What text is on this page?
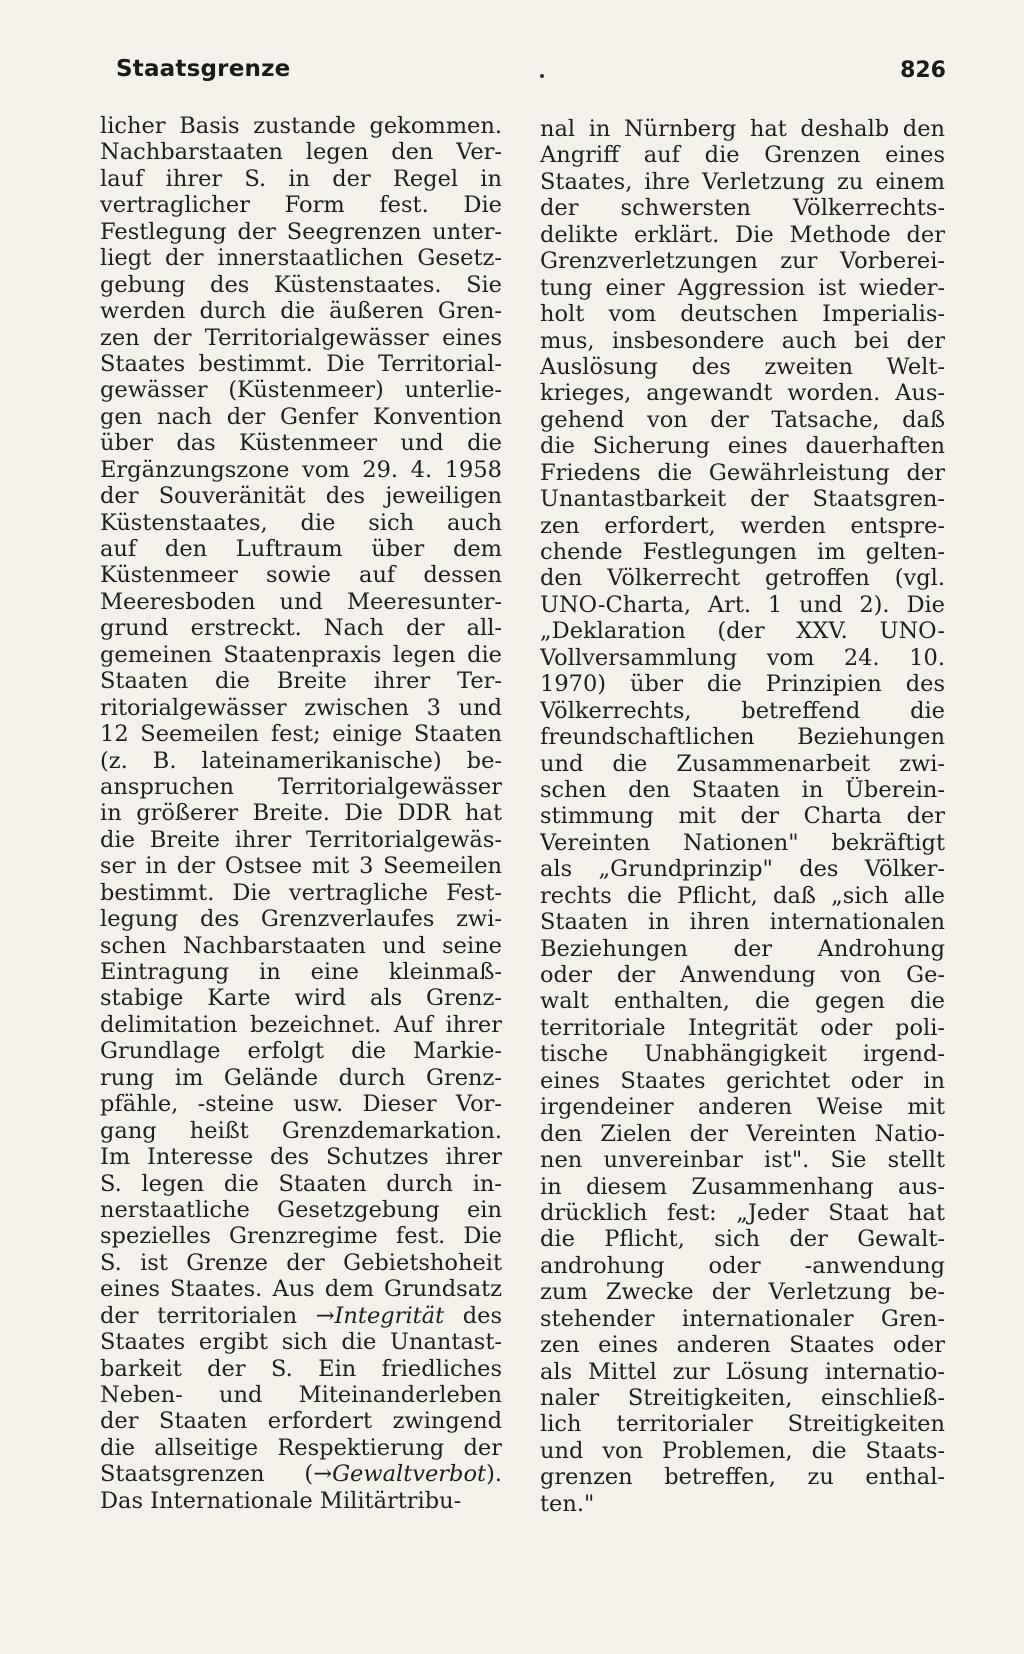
Staatsgrenze	826
licher Basis zustande gekommen.
Nachbarstaaten legen den Ver-
lauf ihrer S. in der Regel in
vertraglicher Form fest. Die
Festlegung der Seegrenzen unter-
liegt der innerstaatlichen Gesetz-
gebung des Küstenstaates. Sie
werden durch die äußeren Gren-
zen der Territorialgewässer eines
Staates bestimmt. Die Territorial-
gewässer (Küstenmeer) unterlie-
gen nach der Genfer Konvention
über das Küstenmeer und die
Ergänzungszone vom 29. 4. 1958
der Souveränität des jeweiligen
Küstenstaates, die sich auch
auf den Luftraum über dem
Küstenmeer sowie auf dessen
Meeresboden und Meeresunter-
grund erstreckt. Nach der all-
gemeinen Staatenpraxis legen die
Staaten die Breite ihrer Ter-
ritorialgewässer zwischen 3 und
12 Seemeilen fest; einige Staaten
(z. B. lateinamerikanische) be-
anspruchen Territorialgewässer
in größerer Breite. Die DDR hat
die Breite ihrer Territorialgewäs-
ser in der Ostsee mit 3 Seemeilen
bestimmt. Die vertragliche Fest-
legung des Grenzverlaufes zwi-
schen Nachbarstaaten und seine
Eintragung in eine kleinmaß-
stabige Karte wird als Grenz-
delimitation bezeichnet. Auf ihrer
Grundlage erfolgt die Markie-
rung im Gelände durch Grenz-
pfähle, -steine usw. Dieser Vor-
gang heißt Grenzdemarkation.
Im Interesse des Schutzes ihrer
S. legen die Staaten durch in-
nerstaatliche Gesetzgebung ein
spezielles Grenzregime fest. Die
S. ist Grenze der Gebietshoheit
eines Staates. Aus dem Grundsatz
der territorialen →Integrität des
Staates ergibt sich die Unantast-
barkeit der S. Ein friedliches
Neben- und Miteinanderleben
der Staaten erfordert zwingend
die allseitige Respektierung der
Staatsgrenzen (→Gewaltverbot).
Das Internationale Militärtribu-
nal in Nürnberg hat deshalb den
Angriff auf die Grenzen eines
Staates, ihre Verletzung zu einem
der schwersten Völkerrechts-
delikte erklärt. Die Methode der
Grenzverletzungen zur Vorberei-
tung einer Aggression ist wieder-
holt vom deutschen Imperialis-
mus, insbesondere auch bei der
Auslösung des zweiten Welt-
krieges, angewandt worden. Aus-
gehend von der Tatsache, daß
die Sicherung eines dauerhaften
Friedens die Gewährleistung der
Unantastbarkeit der Staatsgren-
zen erfordert, werden entspre-
chende Festlegungen im gelten-
den Völkerrecht getroffen (vgl.
UNO-Charta, Art. 1 und 2). Die
„Deklaration (der XXV. UNO-
Vollversammlung vom 24. 10.
1970) über die Prinzipien des
Völkerrechts, betreffend die
freundschaftlichen Beziehungen
und die Zusammenarbeit zwi-
schen den Staaten in Überein-
stimmung mit der Charta der
Vereinten Nationen" bekräftigt
als „Grundprinzip" des Völker-
rechts die Pflicht, daß „sich alle
Staaten in ihren internationalen
Beziehungen der Androhung
oder der Anwendung von Ge-
walt enthalten, die gegen die
territoriale Integrität oder poli-
tische Unabhängigkeit irgend-
eines Staates gerichtet oder in
irgendeiner anderen Weise mit
den Zielen der Vereinten Natio-
nen unvereinbar ist". Sie stellt
in diesem Zusammenhang aus-
drücklich fest: „Jeder Staat hat
die Pflicht, sich der Gewalt-
androhung oder -anwendung
zum Zwecke der Verletzung be-
stehender internationaler Gren-
zen eines anderen Staates oder
als Mittel zur Lösung internatio-
naler Streitigkeiten, einschließ-
lich territorialer Streitigkeiten
und von Problemen, die Staats-
grenzen betreffen, zu enthal-
ten."
